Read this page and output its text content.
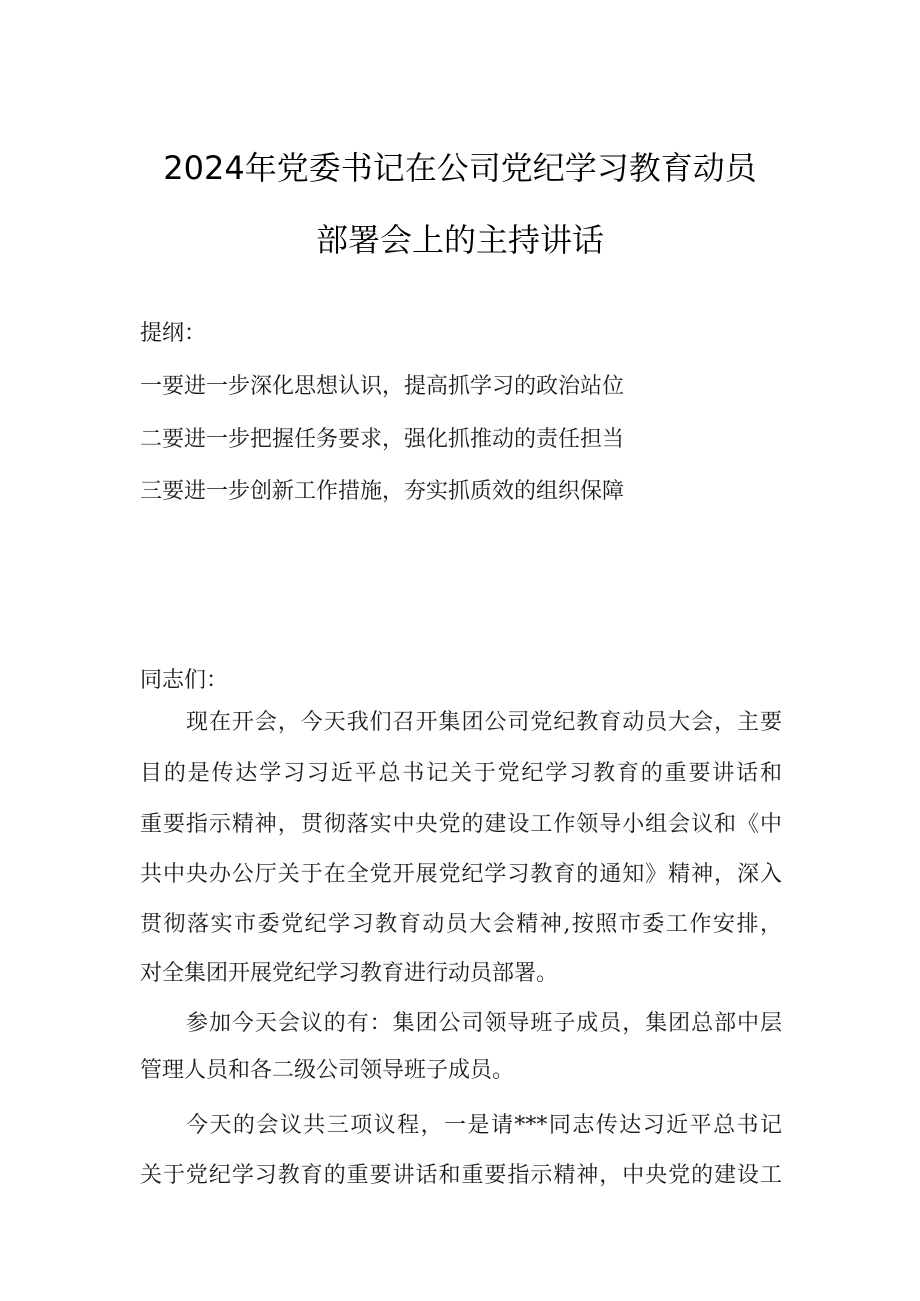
2024年党委书记在公司党纪学习教育动员
部署会上的主持讲话
提纲：
一要进一步深化思想认识，提高抓学习的政治站位
二要进一步把握任务要求，强化抓推动的责任担当
三要进一步创新工作措施，夯实抓质效的组织保障
同志们：
现在开会，今天我们召开集团公司党纪教育动员大会，主要
目的是传达学习习近平总书记关于党纪学习教育的重要讲话和
重要指示精神，贯彻落实中央党的建设工作领导小组会议和《中
共中央办公厅关于在全党开展党纪学习教育的通知》精神，深入
贯彻落实市委党纪学习教育动员大会精神,按照市委工作安排，
对全集团开展党纪学习教育进行动员部署。
参加今天会议的有：集团公司领导班子成员，集团总部中层
管理人员和各二级公司领导班子成员。
今天的会议共三项议程，一是请***同志传达习近平总书记
关于党纪学习教育的重要讲话和重要指示精神，中央党的建设工
